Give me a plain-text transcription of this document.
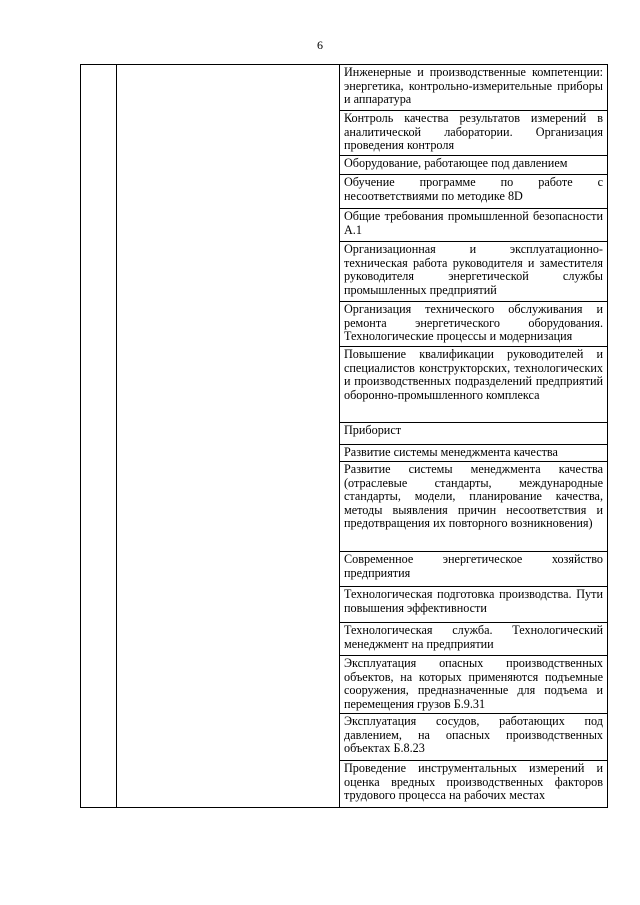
6
		Инженерные и производственные компетенции: энергетика, контрольно-измерительные приборы и аппаратура
Контроль качества результатов измерений в аналитической лаборатории. Организация проведения контроля
Оборудование, работающее под давлением
Обучение программе по работе с несоответствиями по методике 8D
Общие требования промышленной безопасности А.1
Организационная и эксплуатационно-техническая работа руководителя и заместителя руководителя энергетической службы промышленных предприятий
Организация технического обслуживания и ремонта энергетического оборудования. Технологические процессы и модернизация
Повышение квалификации руководителей и специалистов конструкторских, технологических и производственных подразделений предприятий оборонно-промышленного комплекса
Приборист
Развитие системы менеджмента качества
Развитие системы менеджмента качества (отраслевые стандарты, международные стандарты, модели, планирование качества, методы выявления причин несоответствия и предотвращения их повторного возникновения)
Современное энергетическое хозяйство предприятия
Технологическая подготовка производства. Пути повышения эффективности
Технологическая служба. Технологический менеджмент на предприятии
Эксплуатация опасных производственных объектов, на которых применяются подъемные сооружения, предназначенные для подъема и перемещения грузов Б.9.31
Эксплуатация сосудов, работающих под давлением, на опасных производственных объектах Б.8.23
Проведение инструментальных измерений и оценка вредных производственных факторов трудового процесса на рабочих местах
